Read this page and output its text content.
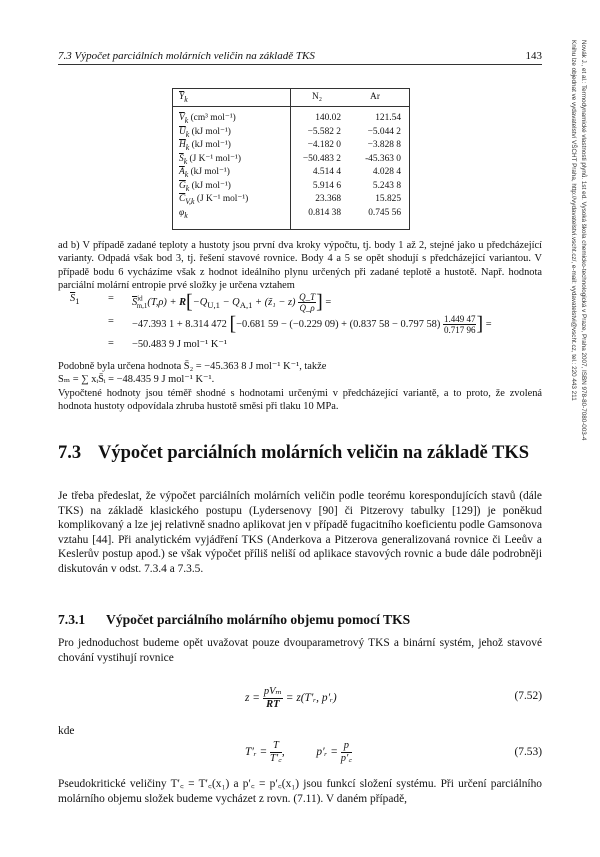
7.3 Výpočet parciálních molárních veličin na základě TKS	143
$\overline{Y}_k$	N₂	Ar
$\overline{V}_k$ (cm³ mol⁻¹)	140.02	121.54
$\overline{U}_k$ (kJ mol⁻¹)	−5.582 2	−5.044 2
$\overline{H}_k$ (kJ mol⁻¹)	−4.182 0	−3.828 8
$\overline{S}_k$ (J K⁻¹ mol⁻¹)	−50.483 2	-45.363 0
$\overline{A}_k$ (kJ mol⁻¹)	4.514 4	4.028 4
$\overline{G}_k$ (kJ mol⁻¹)	5.914 6	5.243 8
$\overline{C}_{V,k}$ (J K⁻¹ mol⁻¹)	23.368	15.825
$\varphi_k$	0.814 38	0.745 56
ad b) V případě zadané teploty a hustoty jsou první dva kroky výpočtu, tj. body 1 až 2, stejné jako u předcházející varianty. Odpadá však bod 3, tj. řešení stavové rovnice. Body 4 a 5 se opět shodují s předcházející variantou. V případě bodu 6 vycházíme však z hodnot ideálního plynu určených při zadané teplotě a hustotě. Např. hodnota parciální molární entropie prvé složky je určena vztahem
$\overline{S}_1$	= $\overline{S}^{id}_{m,1}(T,\rho) + R[-Q_{U,1} - Q_{A,1}$ + (z̃₁ − $z) \frac{Q\_T}{Q\_\rho}$ ] =
= −47.393 1 + 8.314 472 [−0.681 59 − (−0.229 09) + (0.837 58 − 0.797 $58) \frac{1.449 47}{0.717 96}$ ] =
= −50.483 9 J mol⁻¹ K⁻¹
Podobně byla určena hodnota S̄₂ = −45.363 8 J mol⁻¹ K⁻¹, takže
Sₘ = ∑ xᵢS̄ᵢ = −48.435 9 J mol⁻¹ K⁻¹.
Vypočtené hodnoty jsou téměř shodné s hodnotami určenými v předcházející variantě, a to proto, že zvolená hodnota hustoty odpovídala zhruba hustotě směsi při tlaku 10 MPa.
7.3 Výpočet parciálních molárních veličin na základě TKS
Je třeba předeslat, že výpočet parciálních molárních veličin podle teorému korespondujících stavů (dále TKS) na základě klasického postupu (Lydersenovy [90] či Pitzerovy tabulky [129]) je poněkud komplikovaný a lze jej relativně snadno aplikovat jen v případě fugacitního koeficientu podle Gamsonova vztahu [44]. Při analytickém vyjádření TKS (Anderkova a Pitzerova generalizovaná rovnice či Leeův a Keslerův postup apod.) se však výpočet příliš neliší od aplikace stavových rovnic a bude dále podrobněji diskutován v odst. 7.3.4 a 7.3.5.
7.3.1 Výpočet parciálního molárního objemu pomocí TKS
Pro jednoduchost budeme opět uvažovat pouze dvouparametrový TKS a binární systém, jehož stavové chování vystihují rovnice
$z = \frac{\text{pVₘ}}{RT}$ = z(T′ᵣ, p′ᵣ)	(7.52)
kde
T′ᵣ = $\frac{T}{T'꜀}$ ,	p′ᵣ = $\frac{p}{p'꜀}$	(7.53)
Pseudokritické veličiny T′꜀ = T′꜀(x₁) a p′꜀ = p′꜀(x₁) jsou funkcí složení systému. Při určení parciálního molárního objemu složek budeme vycházet z rovn. (7.11). V daném případě,
Novák J., et al.: Termodynamické vlastnosti plynů. 1st ed. Vysoká škola chemicko-technologická v Praze, Praha 2007, ISBN 978-80-7080-003-4
Knihu lze objednat ve vydavatelství VŠCHT Praha, http://vydavatelstvi.vscht.cz/, e-mail: vydavatelstvi@vscht.cz, tel.: 220 443 211
